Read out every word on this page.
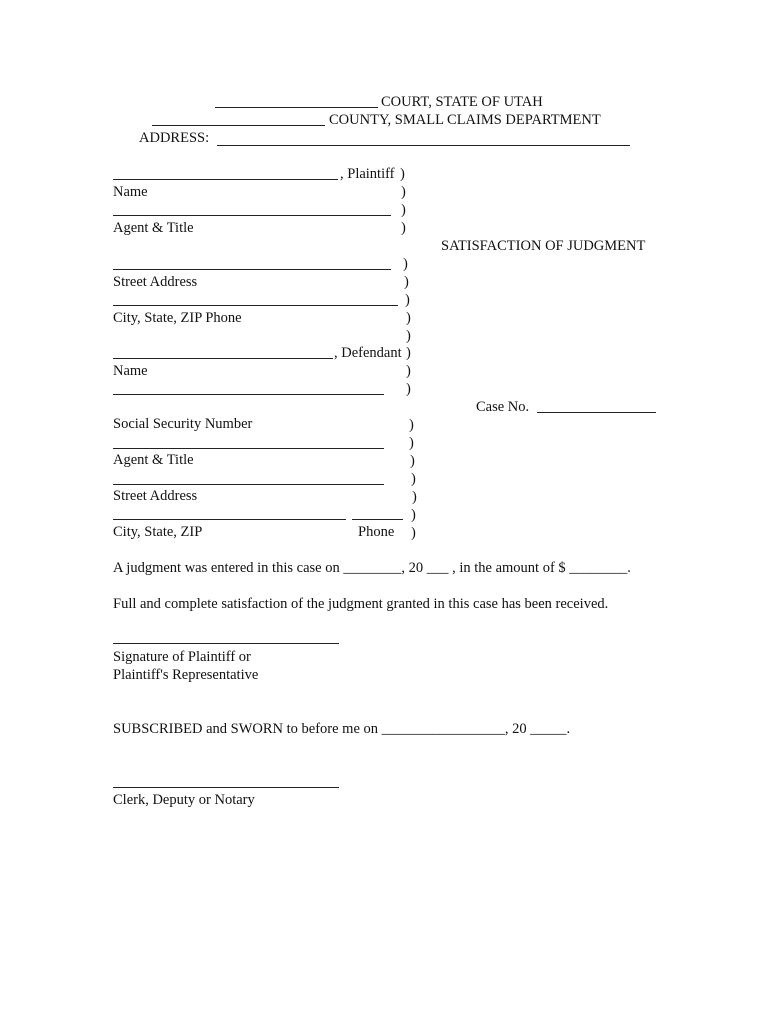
COURT, STATE OF UTAH
COUNTY, SMALL CLAIMS DEPARTMENT
ADDRESS:
, Plaintiff )
Name	)
)
Agent & Title	)
SATISFACTION OF JUDGMENT
)
Street Address	)
)
City, State, ZIP Phone	)
)
, Defendant )
Name	)
)
Case No.
Social Security Number	)
)
Agent & Title	)
)
Street Address	)
)
City, State, ZIP	Phone )
A judgment was entered in this case on ________, 20 ___ , in the amount of $ ________.
Full and complete satisfaction of the judgment granted in this case has been received.
Signature of Plaintiff or
Plaintiff's Representative
SUBSCRIBED and SWORN to before me on _________________, 20 _____.
Clerk, Deputy or Notary
